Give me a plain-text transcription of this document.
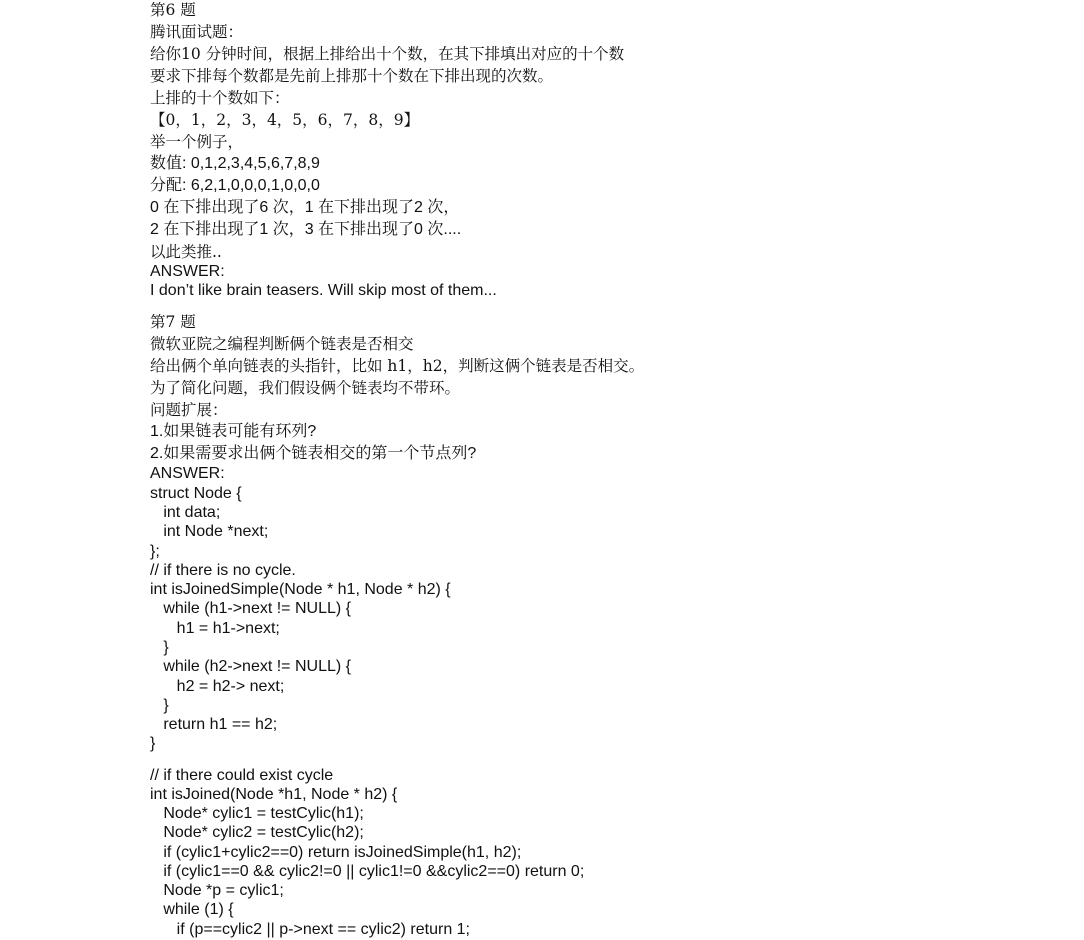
第6 题
腾讯面试题：
给你10 分钟时间，根据上排给出十个数，在其下排填出对应的十个数
要求下排每个数都是先前上排那十个数在下排出现的次数。
上排的十个数如下：
【0，1，2，3，4，5，6，7，8，9】
举一个例子，
数值: 0,1,2,3,4,5,6,7,8,9
分配: 6,2,1,0,0,0,1,0,0,0
0 在下排出现了6 次，1 在下排出现了2 次，
2 在下排出现了1 次，3 在下排出现了0 次....
以此类推..
ANSWER:
I don’t like brain teasers. Will skip most of them...
第7 题
微软亚院之编程判断俩个链表是否相交
给出俩个单向链表的头指针，比如 h1，h2，判断这俩个链表是否相交。
为了简化问题，我们假设俩个链表均不带环。
问题扩展：
1.如果链表可能有环列?
2.如果需要求出俩个链表相交的第一个节点列?
ANSWER:
struct Node {
int data;
int Node *next;
};
// if there is no cycle.
int isJoinedSimple(Node * h1, Node * h2) {
while (h1->next != NULL) {
h1 = h1->next;
}
while (h2->next != NULL) {
h2 = h2-> next;
}
return h1 == h2;
}
// if there could exist cycle
int isJoined(Node *h1, Node * h2) {
Node* cylic1 = testCylic(h1);
Node* cylic2 = testCylic(h2);
if (cylic1+cylic2==0) return isJoinedSimple(h1, h2);
if (cylic1==0 && cylic2!=0 || cylic1!=0 &&cylic2==0) return 0;
Node *p = cylic1;
while (1) {
if (p==cylic2 || p->next == cylic2) return 1;
